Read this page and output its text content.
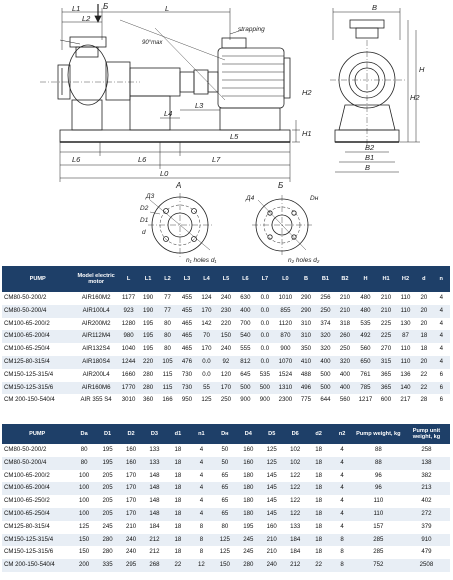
L1
L2
L
90°max
strapping
Б
L3
L4
L5
L6	L7
L0
L6
H1
H2
B
H
H2
B2
B1
B
A
Д3
D2
D1
d
n₁ holes d₁
Б
Д4	Dн
n₂ holes d₂
PUMP	Model electric motor	L	L1	L2	L3	L4	L5	L6	L7	L0	B	B1	B2	H	H1	H2	d	n
CM80-50-200/2	AIR160M2	1177	190	77	455	124	240	630	0.0	1010	290	256	210	480	210	110	20	4
CM80-50-200/4	AIR100L4	923	190	77	455	170	230	400	0.0	855	290	250	210	480	210	110	20	4
CM100-65-200/2	AIR200M2	1280	195	80	465	142	220	700	0.0	1120	310	374	318	535	225	130	20	4
CM100-65-200/4	AIR112M4	980	195	80	465	70	150	540	0.0	870	310	320	260	492	225	87	18	4
CM100-65-250/4	AIR132S4	1040	195	80	465	170	240	555	0.0	900	350	320	250	560	270	110	18	4
CM125-80-315/4	AIR180S4	1244	220	105	476	0.0	92	812	0.0	1070	410	400	320	650	315	110	20	4
CM150-125-315/4	AIR200L4	1660	280	115	730	0.0	120	645	535	1524	488	500	400	761	365	136	22	6
CM150-125-315/6	AIR160M6	1770	280	115	730	55	170	500	500	1310	496	500	400	785	365	140	22	6
CM 200-150-540/4	AIR 355 S4	3010	360	166	950	125	250	900	900	2300	775	644	560	1217	600	217	28	6
PUMP	Da	D1	D2	D3	d1	n1	Dн	D4	D5	D6	d2	n2	Pump weight, kg	Pump unit weight, kg
CM80-50-200/2	80	195	160	133	18	4	50	160	125	102	18	4	88	258
CM80-50-200/4	80	195	160	133	18	4	50	160	125	102	18	4	88	138
CM100-65-200/2	100	205	170	148	18	4	65	180	145	122	18	4	96	382
CM100-65-200/4	100	205	170	148	18	4	65	180	145	122	18	4	96	213
CM100-65-250/2	100	205	170	148	18	4	65	180	145	122	18	4	110	402
CM100-65-250/4	100	205	170	148	18	4	65	180	145	122	18	4	110	272
CM125-80-315/4	125	245	210	184	18	8	80	195	160	133	18	4	157	379
CM150-125-315/4	150	280	240	212	18	8	125	245	210	184	18	8	285	910
CM150-125-315/6	150	280	240	212	18	8	125	245	210	184	18	8	285	479
CM 200-150-540/4	200	335	295	268	22	12	150	280	240	212	22	8	752	2508
